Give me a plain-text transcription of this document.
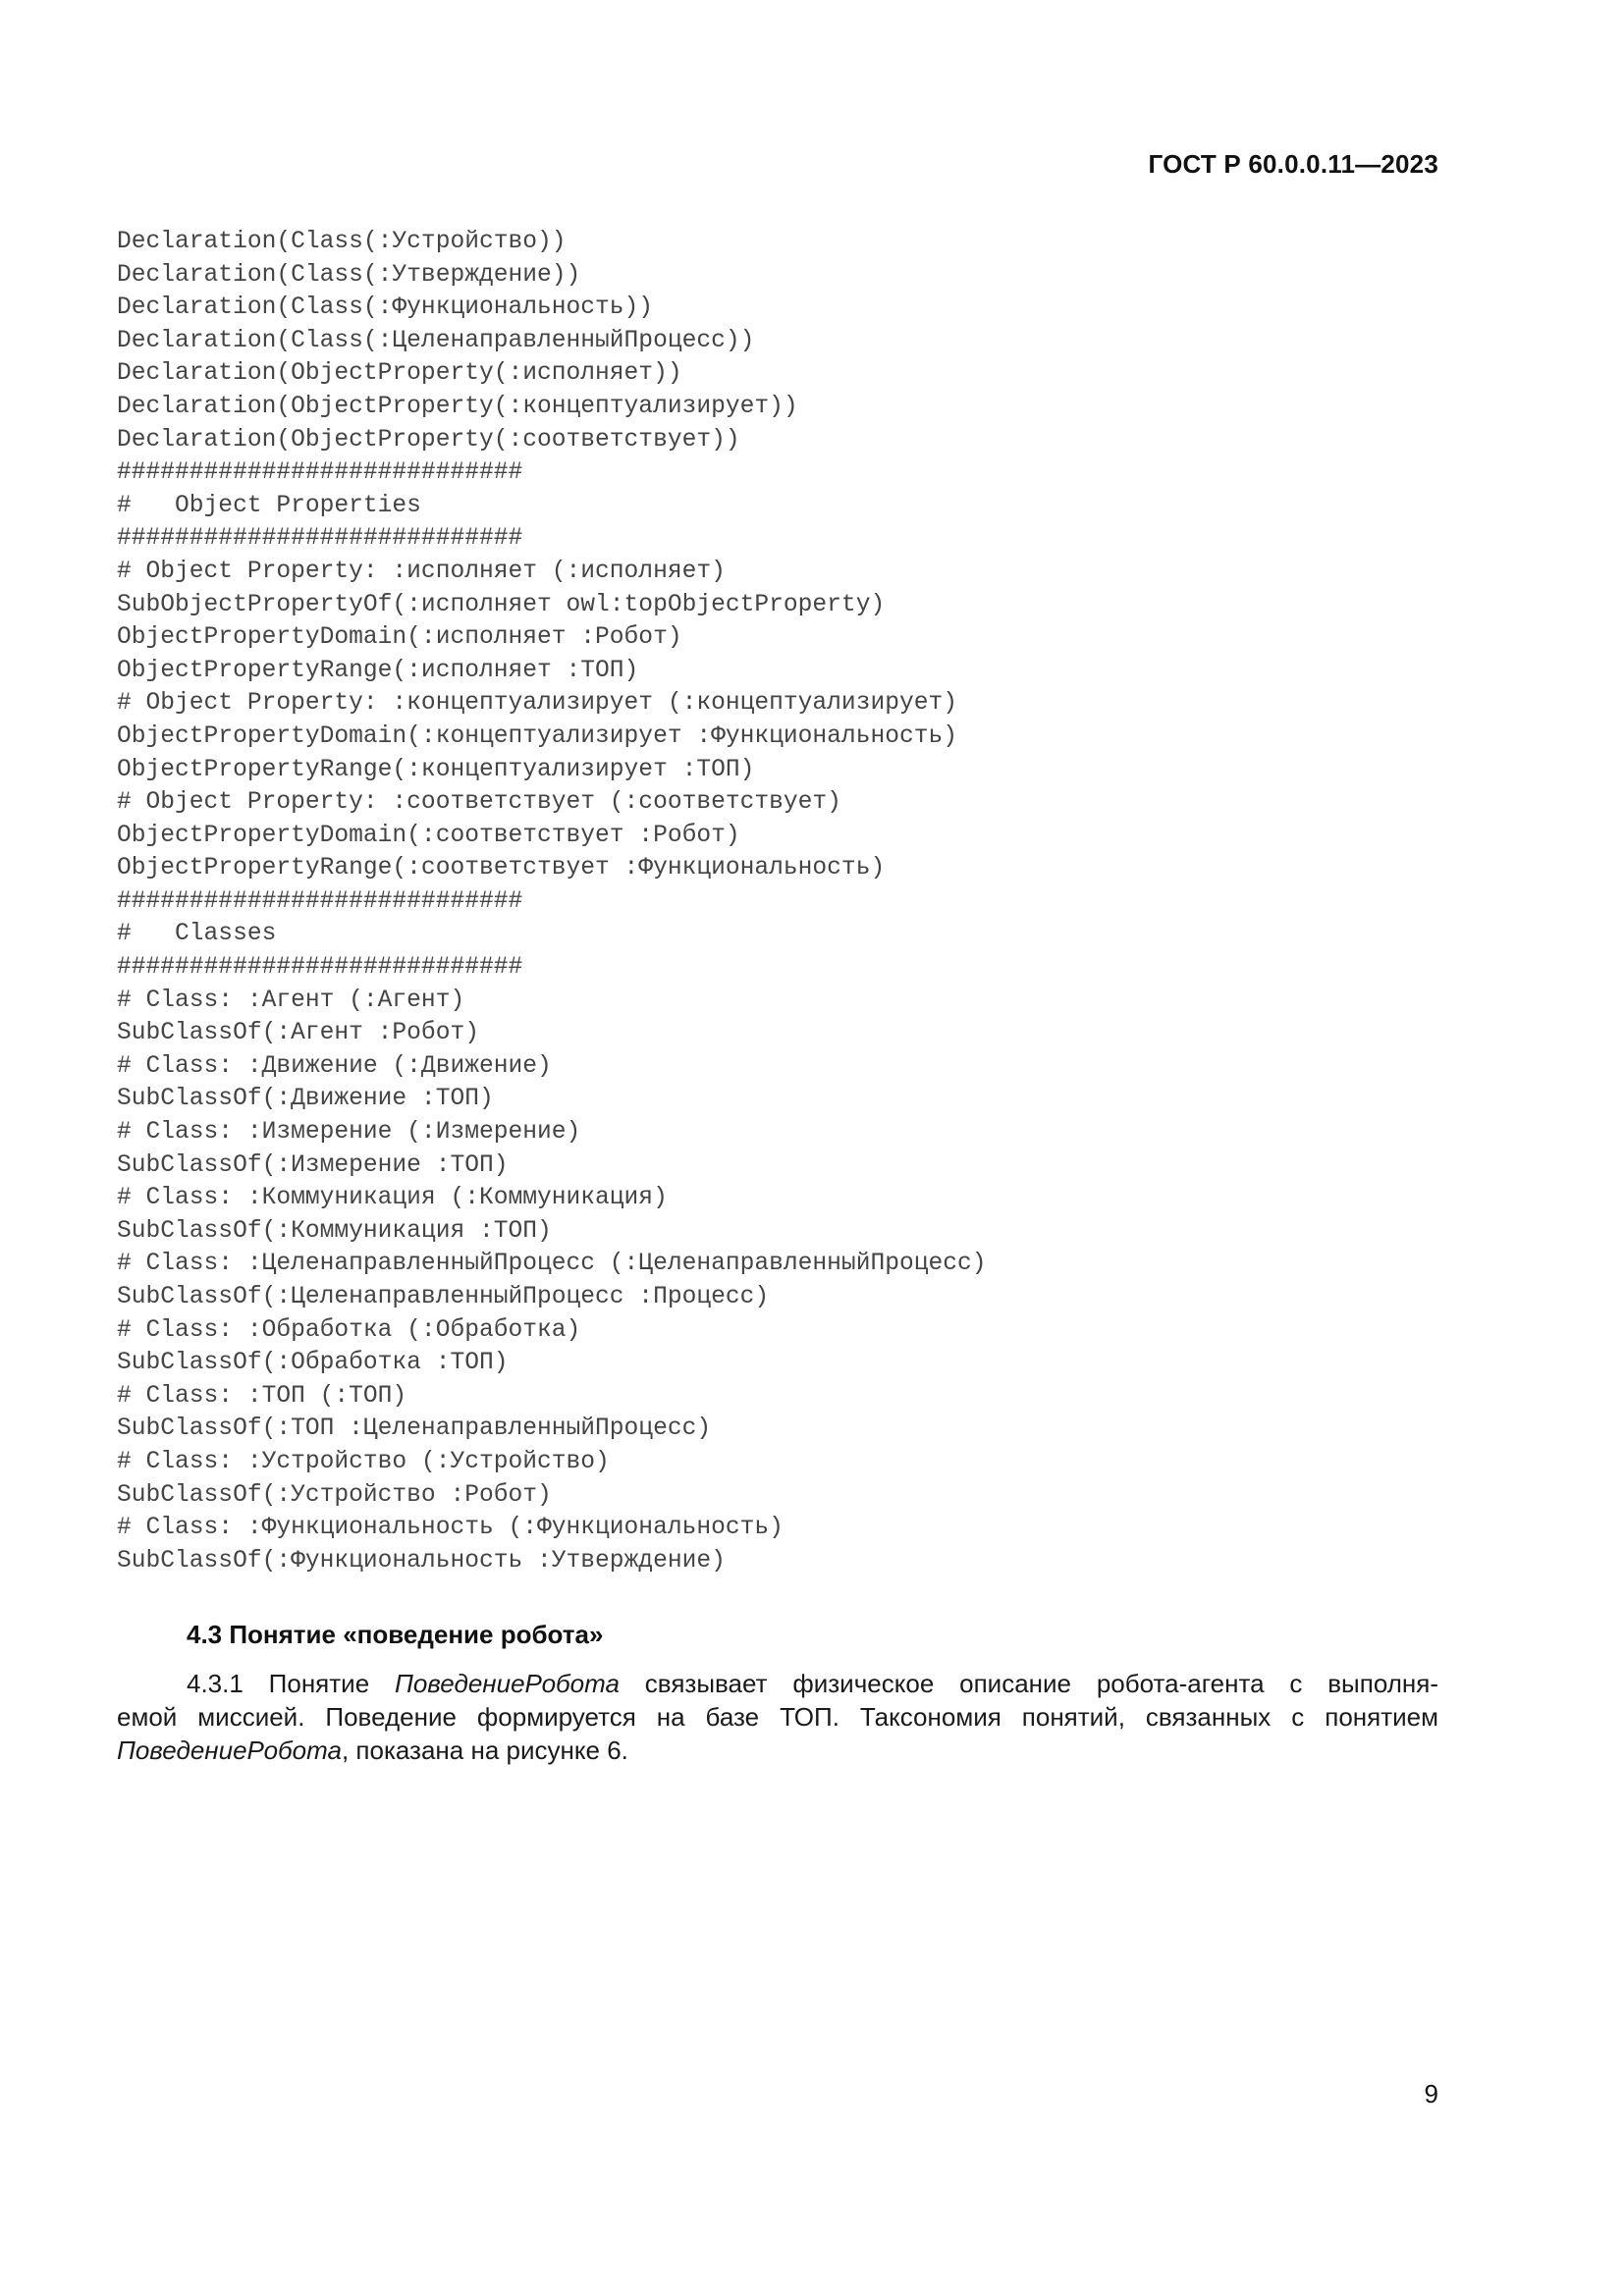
ГОСТ Р 60.0.0.11—2023
Declaration(Class(:Устройство))
Declaration(Class(:Утверждение))
Declaration(Class(:Функциональность))
Declaration(Class(:ЦеленаправленныйПроцесс))
Declaration(ObjectProperty(:исполняет))
Declaration(ObjectProperty(:концептуализирует))
Declaration(ObjectProperty(:соответствует))
############################
#   Object Properties
############################
# Object Property: :исполняет (:исполняет)
SubObjectPropertyOf(:исполняет owl:topObjectProperty)
ObjectPropertyDomain(:исполняет :Робот)
ObjectPropertyRange(:исполняет :ТОП)
# Object Property: :концептуализирует (:концептуализирует)
ObjectPropertyDomain(:концептуализирует :Функциональность)
ObjectPropertyRange(:концептуализирует :ТОП)
# Object Property: :соответствует (:соответствует)
ObjectPropertyDomain(:соответствует :Робот)
ObjectPropertyRange(:соответствует :Функциональность)
############################
#   Classes
############################
# Class: :Агент (:Агент)
SubClassOf(:Агент :Робот)
# Class: :Движение (:Движение)
SubClassOf(:Движение :ТОП)
# Class: :Измерение (:Измерение)
SubClassOf(:Измерение :ТОП)
# Class: :Коммуникация (:Коммуникация)
SubClassOf(:Коммуникация :ТОП)
# Class: :ЦеленаправленныйПроцесс (:ЦеленаправленныйПроцесс)
SubClassOf(:ЦеленаправленныйПроцесс :Процесс)
# Class: :Обработка (:Обработка)
SubClassOf(:Обработка :ТОП)
# Class: :ТОП (:ТОП)
SubClassOf(:ТОП :ЦеленаправленныйПроцесс)
# Class: :Устройство (:Устройство)
SubClassOf(:Устройство :Робот)
# Class: :Функциональность (:Функциональность)
SubClassOf(:Функциональность :Утверждение)
4.3 Понятие «поведение робота»
4.3.1 Понятие ПоведениеРобота связывает физическое описание робота-агента с выполня-
емой миссией. Поведение формируется на базе ТОП. Таксономия понятий, связанных с понятием
ПоведениеРобота, показана на рисунке 6.
9
